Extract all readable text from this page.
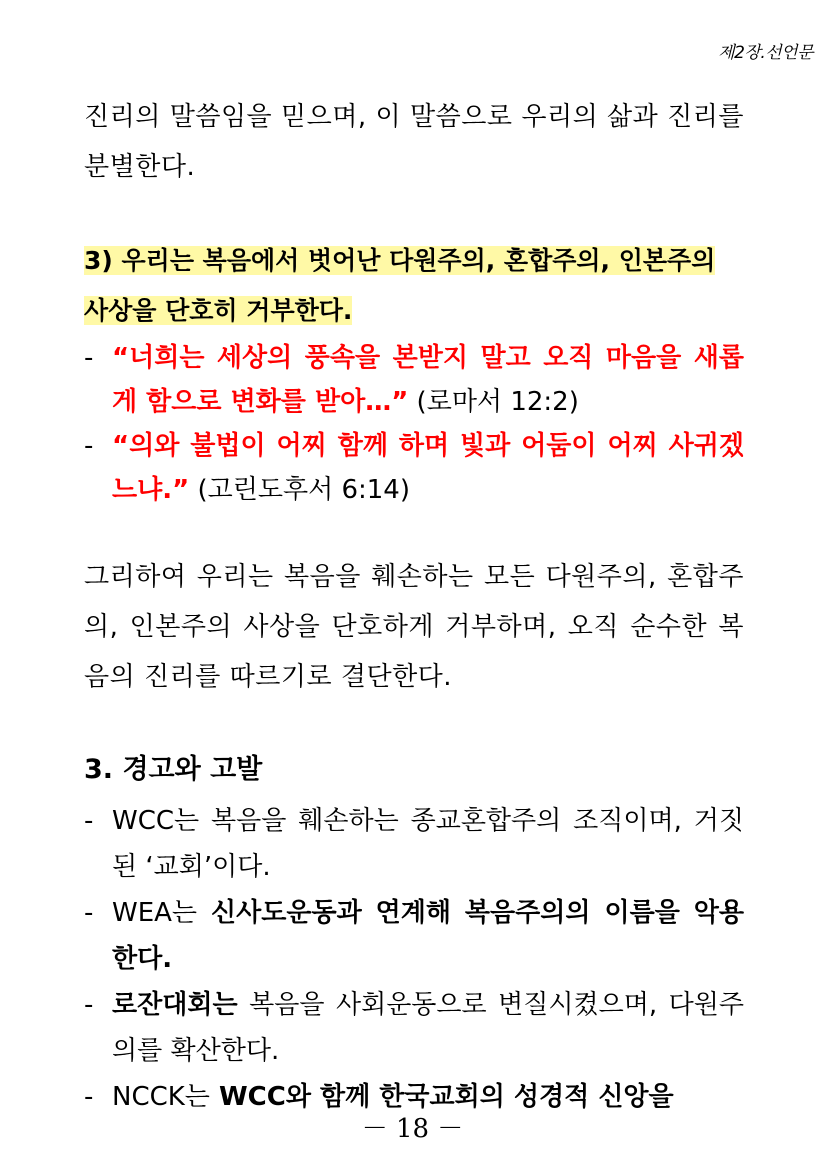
제2장.선언문

진리의 말씀임을 믿으며, 이 말씀으로 우리의 삶과 진리를 분별한다.

3) 우리는 복음에서 벗어난 다원주의, 혼합주의, 인본주의 사상을 단호히 거부한다.

- “너희는 세상의 풍속을 본받지 말고 오직 마음을 새롭게 함으로 변화를 받아…” (로마서 12:2)

- “의와 불법이 어찌 함께 하며 빛과 어둠이 어찌 사귀겠느냐.” (고린도후서 6:14)

그리하여 우리는 복음을 훼손하는 모든 다원주의, 혼합주의, 인본주의 사상을 단호하게 거부하며, 오직 순수한 복음의 진리를 따르기로 결단한다.

3. 경고와 고발

- WCC는 복음을 훼손하는 종교혼합주의 조직이며, 거짓된 ‘교회’이다.

- WEA는 신사도운동과 연계해 복음주의의 이름을 악용한다.

- 로잔대회는 복음을 사회운동으로 변질시켰으며, 다원주의를 확산한다.

- NCCK는 WCC와 함께 한국교회의 성경적 신앙을

－ 18 －
